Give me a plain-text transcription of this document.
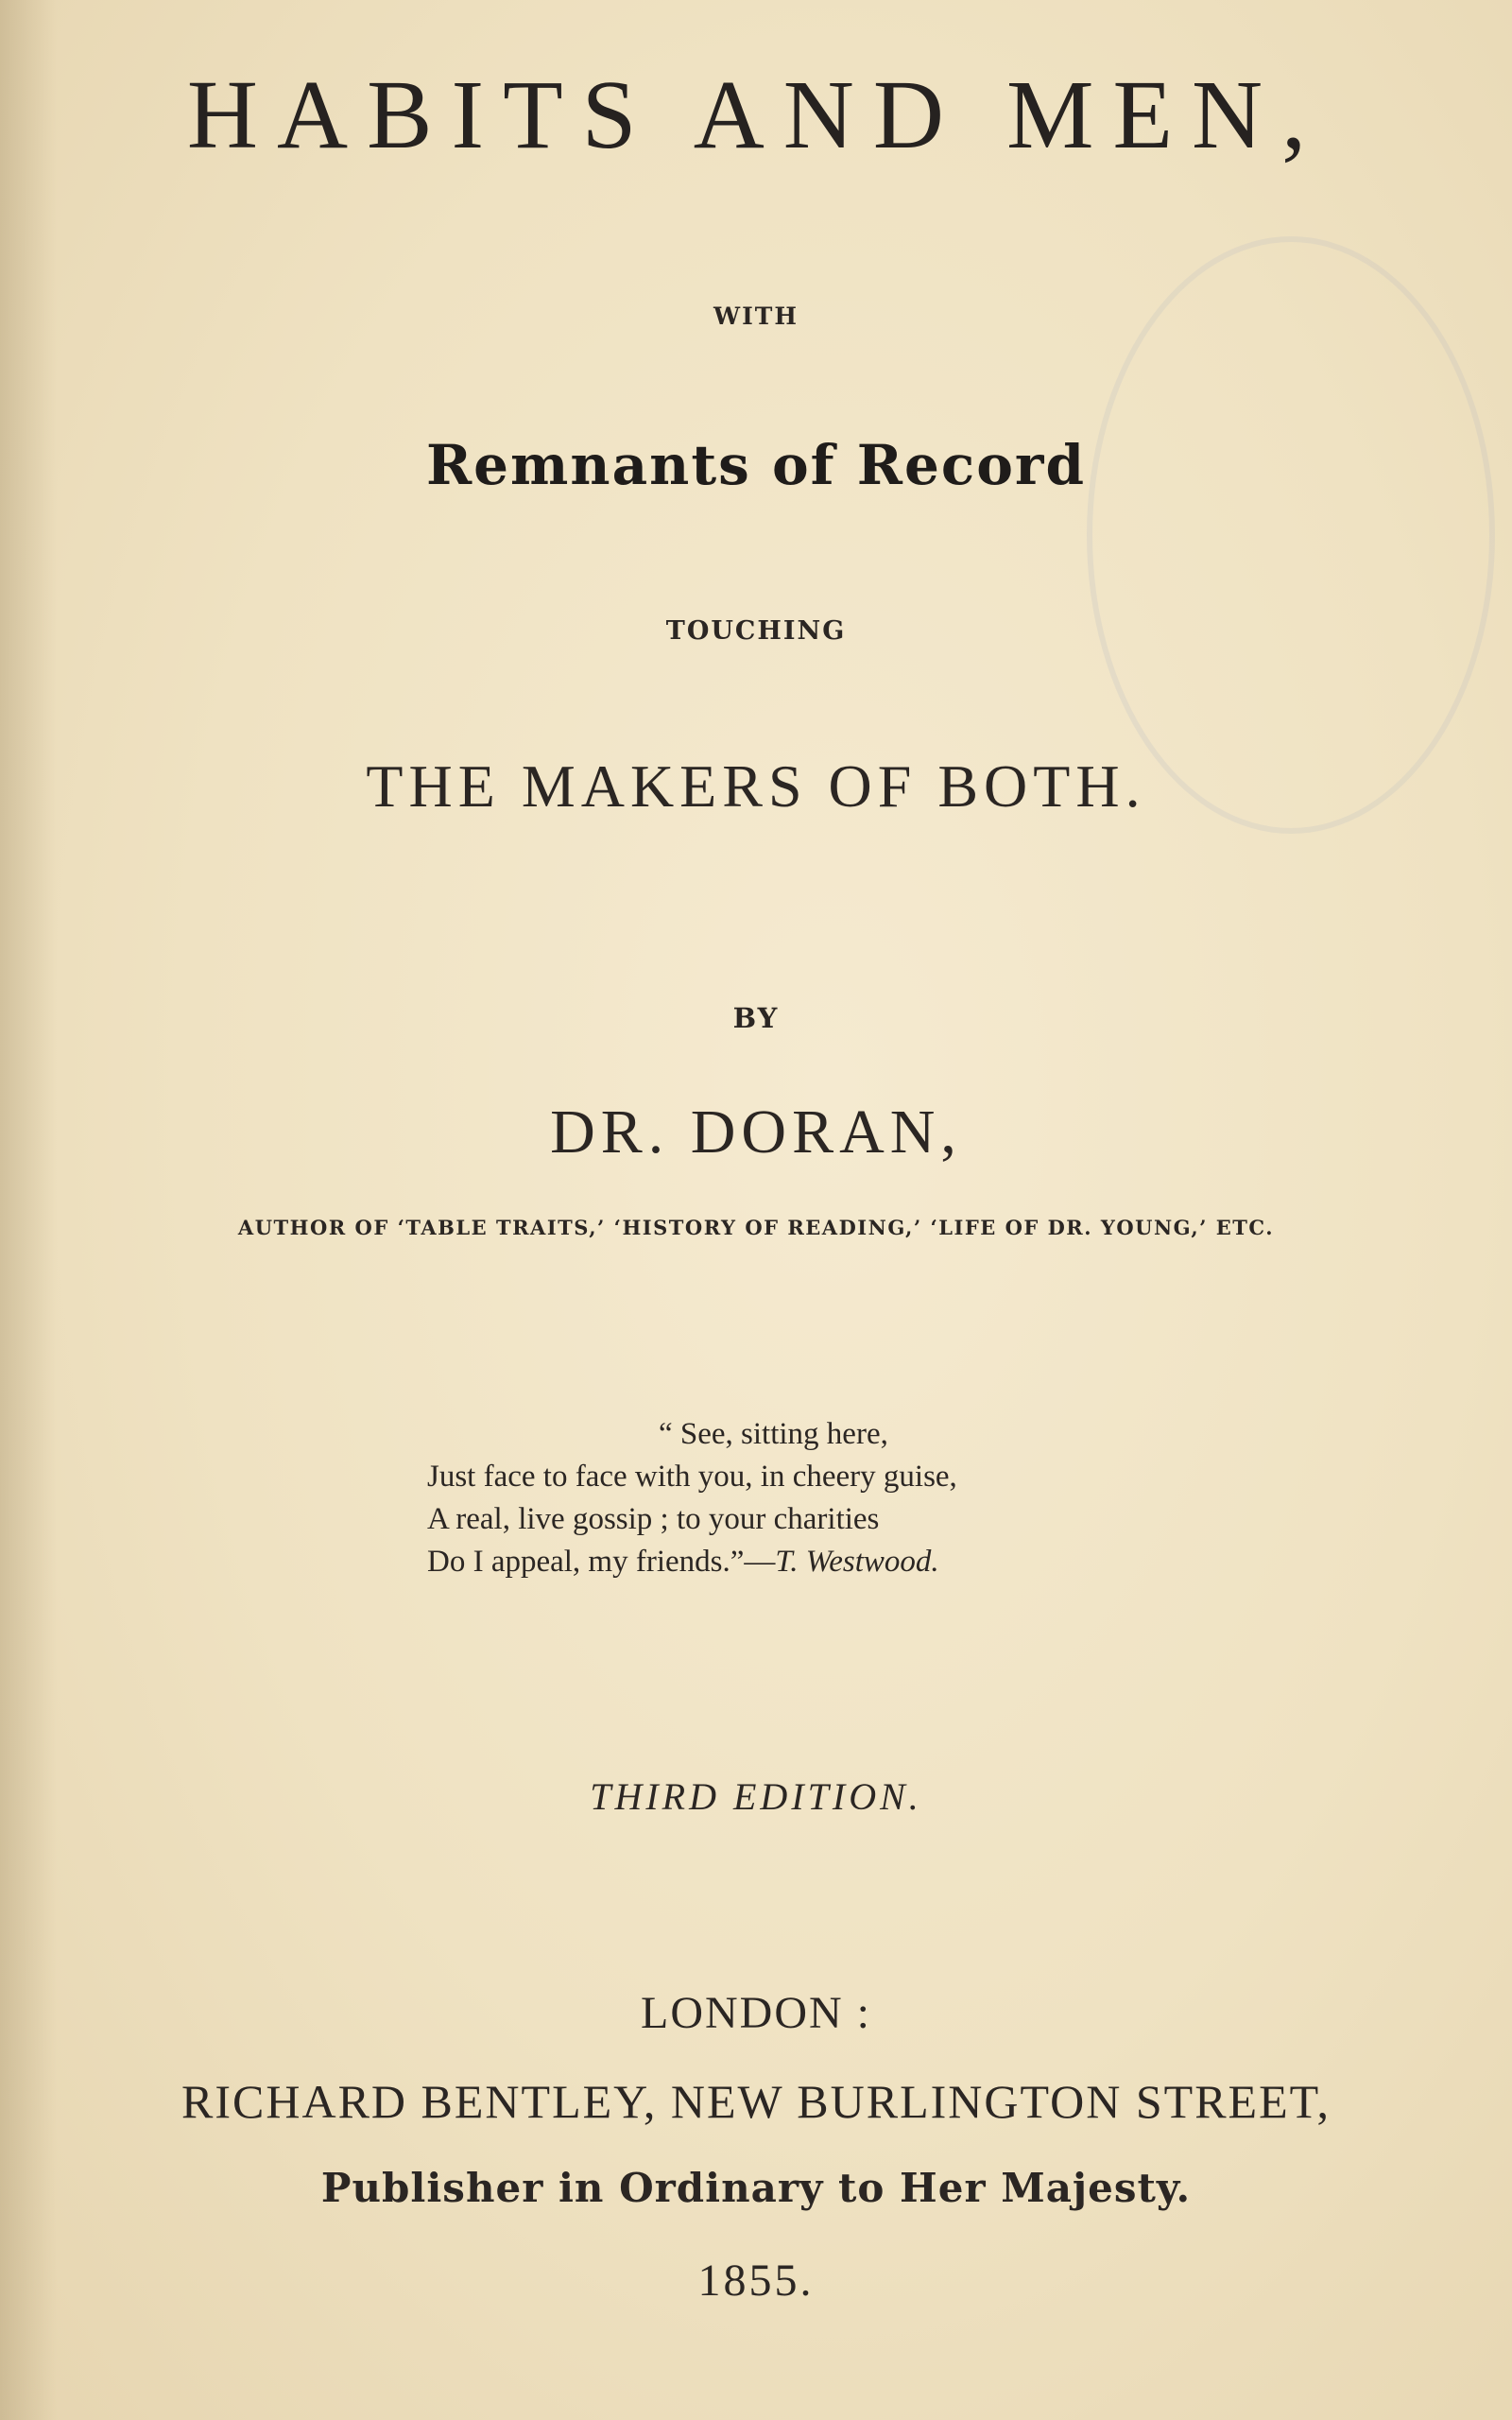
HABITS AND MEN,
WITH
Remnants of Record
TOUCHING
THE MAKERS OF BOTH.
BY
DR. DORAN,
AUTHOR OF ‘TABLE TRAITS,’ ‘HISTORY OF READING,’ ‘LIFE OF DR. YOUNG,’ ETC.
“ See, sitting here,
Just face to face with you, in cheery guise,
A real, live gossip ; to your charities
Do I appeal, my friends.”—T. Westwood.
THIRD EDITION.
LONDON :
RICHARD BENTLEY, NEW BURLINGTON STREET,
Publisher in Ordinary to Her Majesty.
1855.
